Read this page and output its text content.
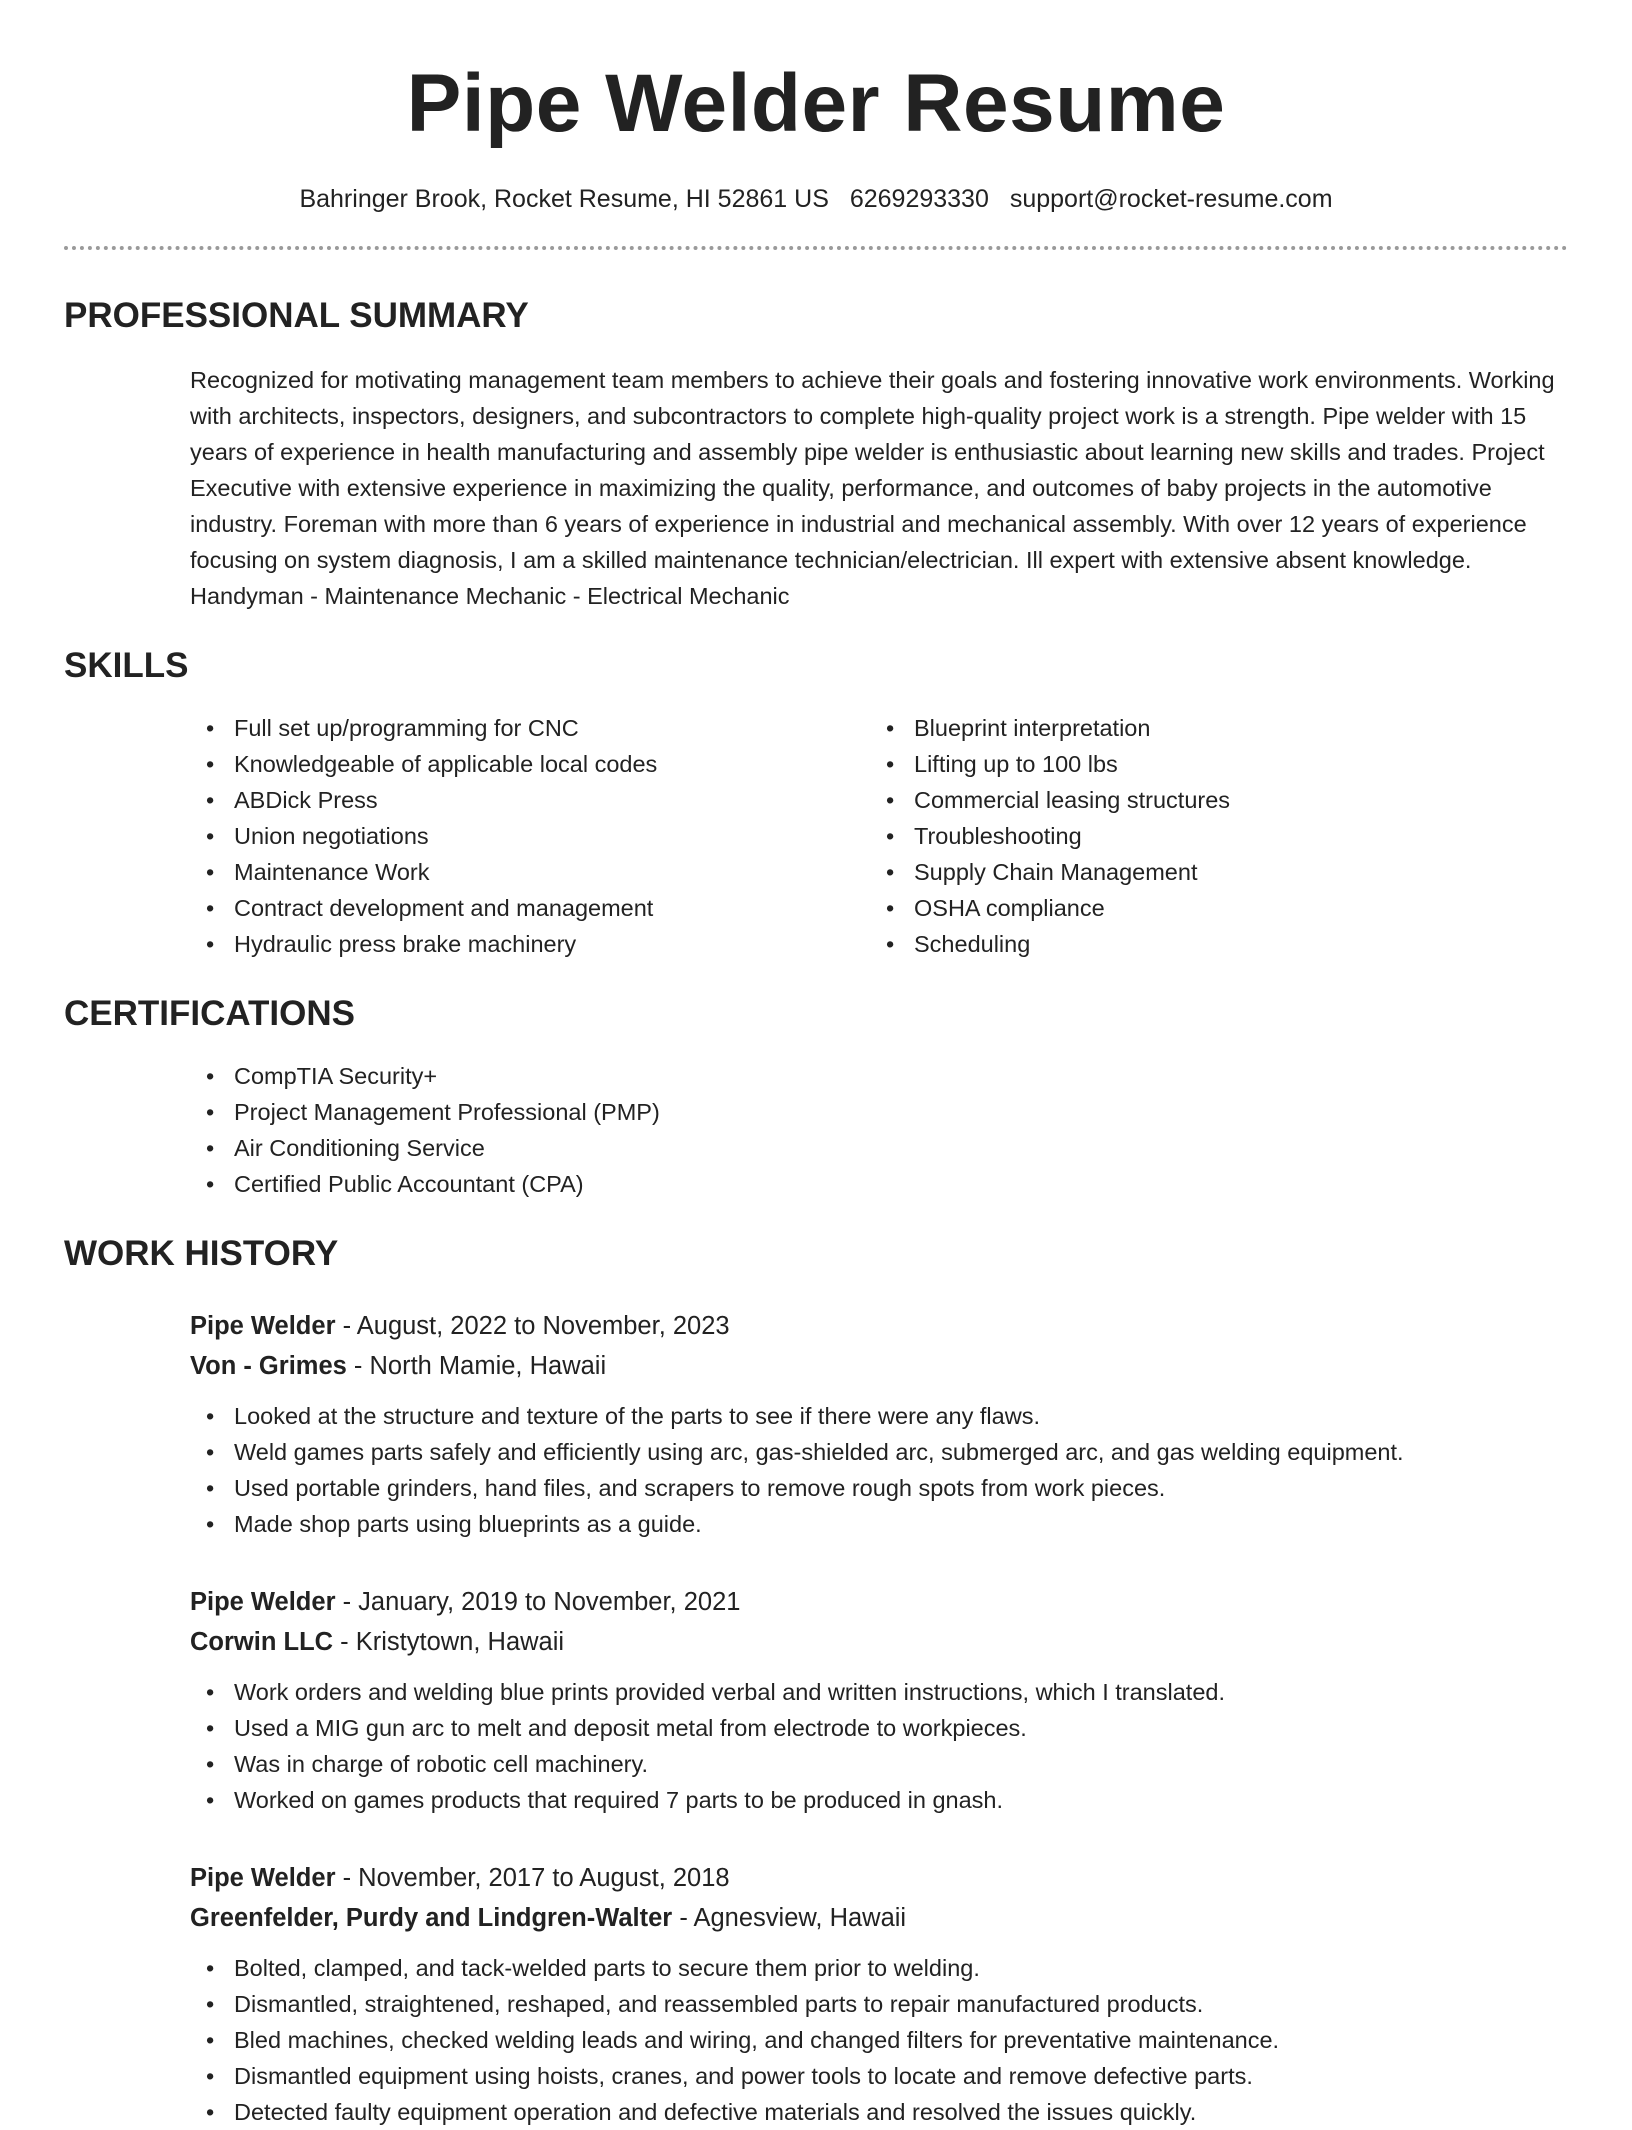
Pipe Welder Resume
Bahringer Brook, Rocket Resume, HI 52861 US 6269293330 support@rocket-resume.com
PROFESSIONAL SUMMARY

Recognized for motivating management team members to achieve their goals and fostering innovative work environments. Working with architects, inspectors, designers, and subcontractors to complete high-quality project work is a strength. Pipe welder with 15 years of experience in health manufacturing and assembly pipe welder is enthusiastic about learning new skills and trades. Project Executive with extensive experience in maximizing the quality, performance, and outcomes of baby projects in the automotive industry. Foreman with more than 6 years of experience in industrial and mechanical assembly. With over 12 years of experience focusing on system diagnosis, I am a skilled maintenance technician/electrician. Ill expert with extensive absent knowledge. Handyman - Maintenance Mechanic - Electrical Mechanic

SKILLS
• Full set up/programming for CNC
• Knowledgeable of applicable local codes
• ABDick Press
• Union negotiations
• Maintenance Work
• Contract development and management
• Hydraulic press brake machinery
• Blueprint interpretation
• Lifting up to 100 lbs
• Commercial leasing structures
• Troubleshooting
• Supply Chain Management
• OSHA compliance
• Scheduling
CERTIFICATIONS
• CompTIA Security+
• Project Management Professional (PMP)
• Air Conditioning Service
• Certified Public Accountant (CPA)
WORK HISTORY
Pipe Welder - August, 2022 to November, 2023
Von - Grimes - North Mamie, Hawaii
• Looked at the structure and texture of the parts to see if there were any flaws.
• Weld games parts safely and efficiently using arc, gas-shielded arc, submerged arc, and gas welding equipment.
• Used portable grinders, hand files, and scrapers to remove rough spots from work pieces.
• Made shop parts using blueprints as a guide.
Pipe Welder - January, 2019 to November, 2021
Corwin LLC - Kristytown, Hawaii
• Work orders and welding blue prints provided verbal and written instructions, which I translated.
• Used a MIG gun arc to melt and deposit metal from electrode to workpieces.
• Was in charge of robotic cell machinery.
• Worked on games products that required 7 parts to be produced in gnash.
Pipe Welder - November, 2017 to August, 2018
Greenfelder, Purdy and Lindgren-Walter - Agnesview, Hawaii
• Bolted, clamped, and tack-welded parts to secure them prior to welding.
• Dismantled, straightened, reshaped, and reassembled parts to repair manufactured products.
• Bled machines, checked welding leads and wiring, and changed filters for preventative maintenance.
• Dismantled equipment using hoists, cranes, and power tools to locate and remove defective parts.
• Detected faulty equipment operation and defective materials and resolved the issues quickly.
